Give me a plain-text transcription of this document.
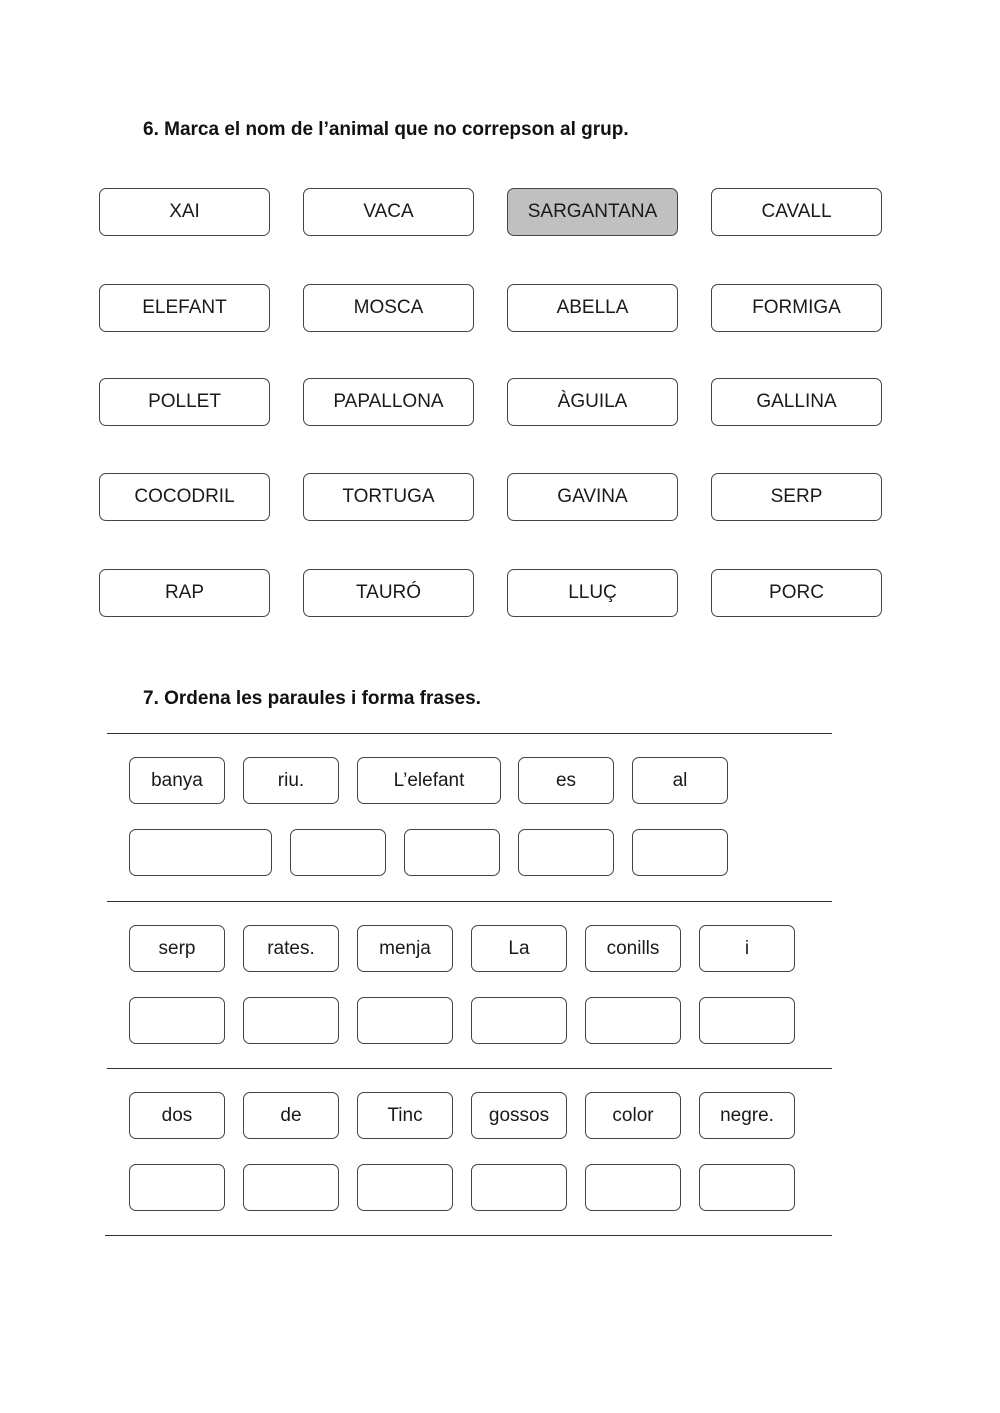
6. Marca el nom de l’animal que no correpson al grup.
XAI	VACA	SARGANTANA	CAVALL
ELEFANT	MOSCA	ABELLA	FORMIGA
POLLET	PAPALLONA	ÀGUILA	GALLINA
COCODRIL	TORTUGA	GAVINA	SERP
RAP	TAURÓ	LLUÇ	PORC
7. Ordena les paraules i forma frases.
banya	riu.	L’elefant	es	al
serp	rates.	menja	La	conills	i
dos	de	Tinc	gossos	color	negre.
